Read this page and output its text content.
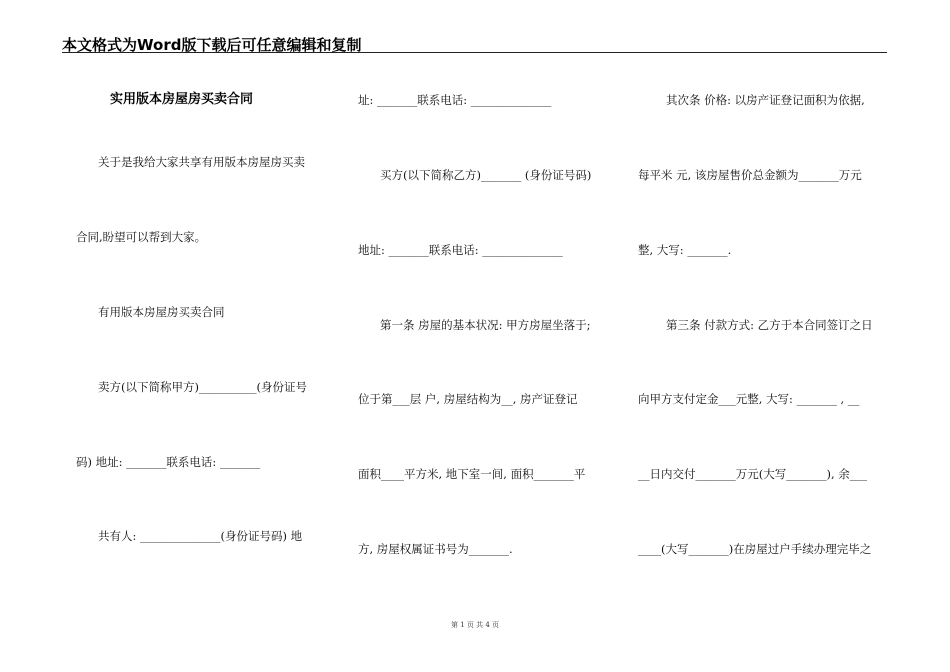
本文格式为Word版下载后可任意编辑和复制
实用版本房屋房买卖合同
关于是我给大家共享有用版本房屋房买卖
合同,盼望可以帮到大家。
有用版本房屋房买卖合同
卖方(以下简称甲方)__________(身份证号
码) 地址: _______联系电话: _______
共有人: ______________(身份证号码) 地
址: _______联系电话: ______________
买方(以下简称乙方)_______ (身份证号码)
地址: _______联系电话: ______________
第一条 房屋的基本状况: 甲方房屋坐落于;
位于第___层 户, 房屋结构为__, 房产证登记
面积____平方米, 地下室一间, 面积_______平
方, 房屋权属证书号为_______.
其次条 价格: 以房产证登记面积为依据,
每平米 元, 该房屋售价总金额为_______万元
整, 大写: _______.
第三条 付款方式: 乙方于本合同签订之日
向甲方支付定金___元整, 大写: _______ , __
__日内交付_______万元(大写_______), 余___
____(大写_______)在房屋过户手续办理完毕之
第 1 页 共 4 页
